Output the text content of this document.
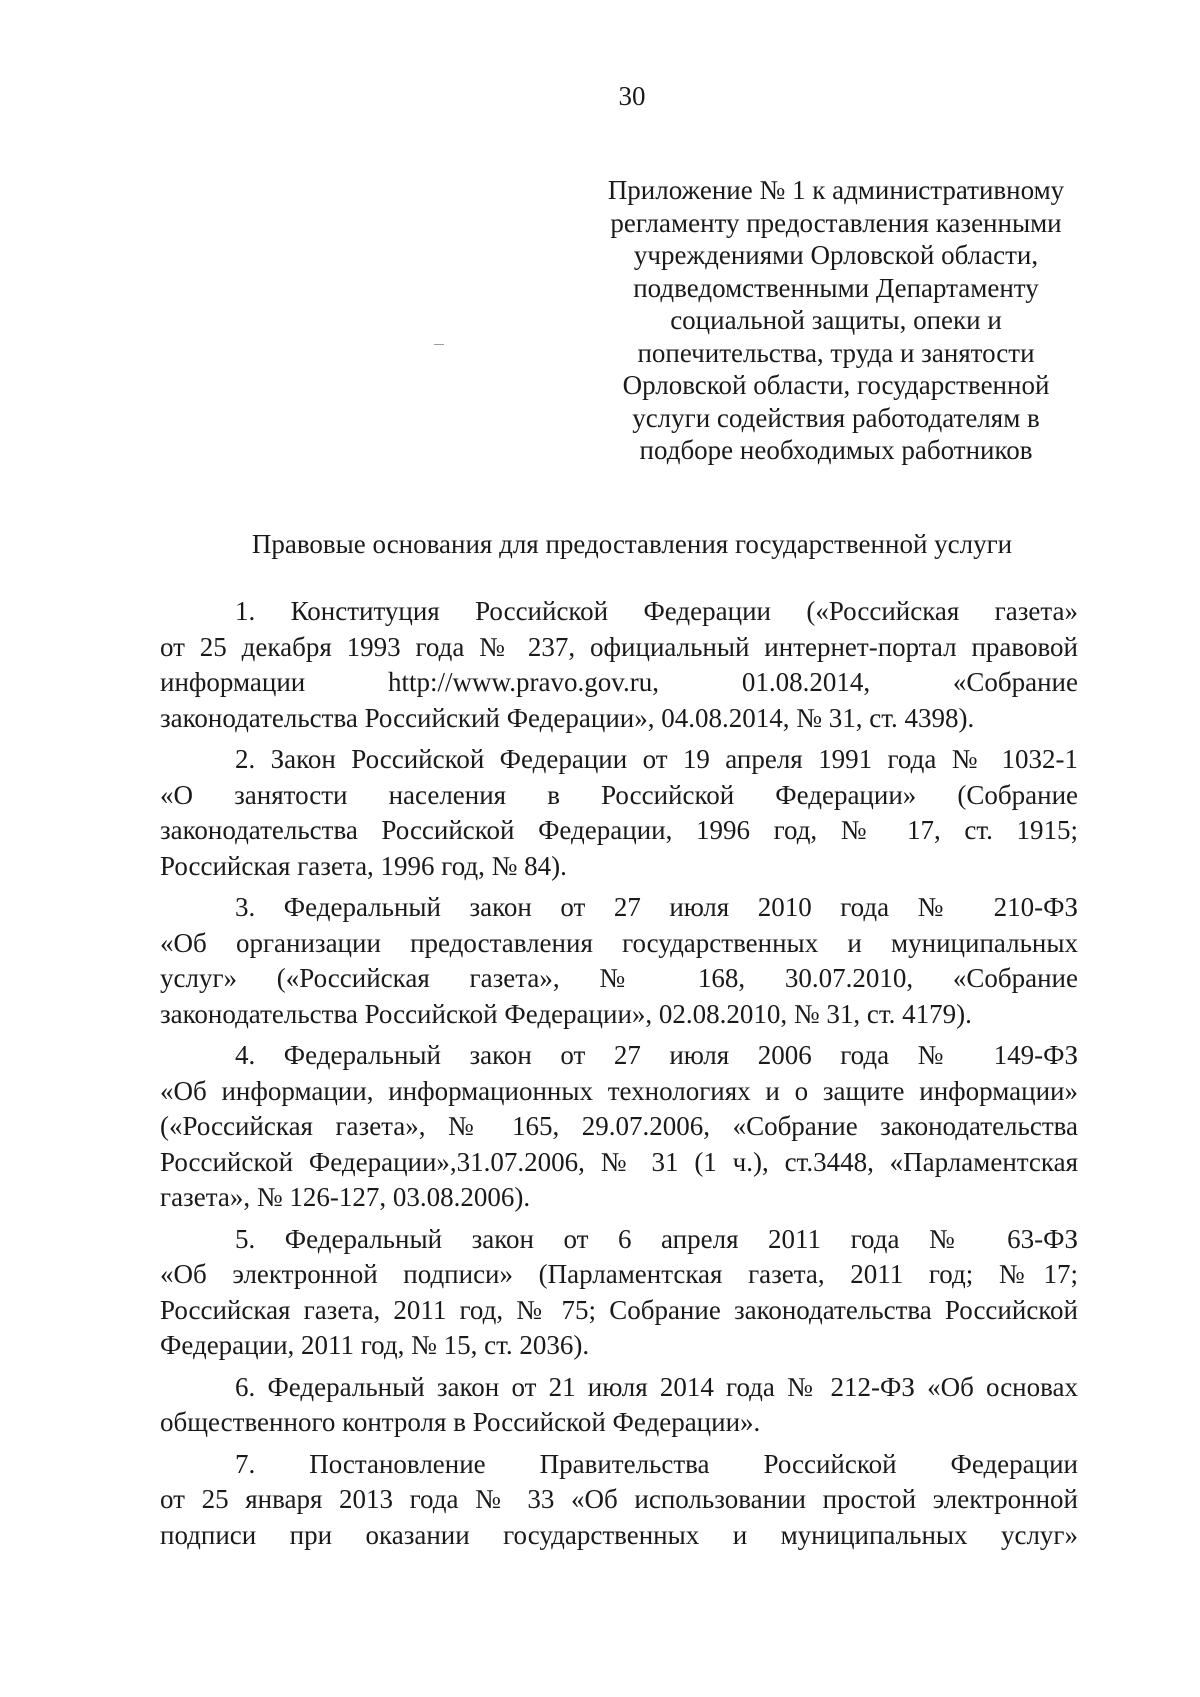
30
Приложение № 1 к административному
регламенту предоставления казенными
учреждениями Орловской области,
подведомственными Департаменту
социальной защиты, опеки и
попечительства, труда и занятости
Орловской области, государственной
услуги содействия работодателям в
подборе необходимых работников
Правовые основания для предоставления государственной услуги
1. Конституция Российской Федерации («Российская газета»
от 25 декабря 1993 года № 237, официальный интернет-портал правовой
информации http://www.pravo.gov.ru, 01.08.2014, «Собрание
законодательства Российский Федерации», 04.08.2014, № 31, ст. 4398).
2. Закон Российской Федерации от 19 апреля 1991 года № 1032-1
«О занятости населения в Российской Федерации» (Собрание
законодательства Российской Федерации, 1996 год, № 17, ст. 1915;
Российская газета, 1996 год, № 84).
3. Федеральный закон от 27 июля 2010 года № 210-ФЗ
«Об организации предоставления государственных и муниципальных
услуг» («Российская газета», № 168, 30.07.2010, «Собрание
законодательства Российской Федерации», 02.08.2010, № 31, ст. 4179).
4. Федеральный закон от 27 июля 2006 года № 149-ФЗ
«Об информации, информационных технологиях и о защите информации»
(«Российская газета», № 165, 29.07.2006, «Собрание законодательства
Российской Федерации»,31.07.2006, № 31 (1 ч.), ст.3448, «Парламентская
газета», № 126-127, 03.08.2006).
5. Федеральный закон от 6 апреля 2011 года № 63-ФЗ
«Об электронной подписи» (Парламентская газета, 2011 год; №17;
Российская газета, 2011 год, № 75; Собрание законодательства Российской
Федерации, 2011 год, № 15, ст. 2036).
6. Федеральный закон от 21 июля 2014 года № 212-ФЗ «Об основах
общественного контроля в Российской Федерации».
7. Постановление Правительства Российской Федерации
от 25 января 2013 года № 33 «Об использовании простой электронной
подписи при оказании государственных и муниципальных услуг»
